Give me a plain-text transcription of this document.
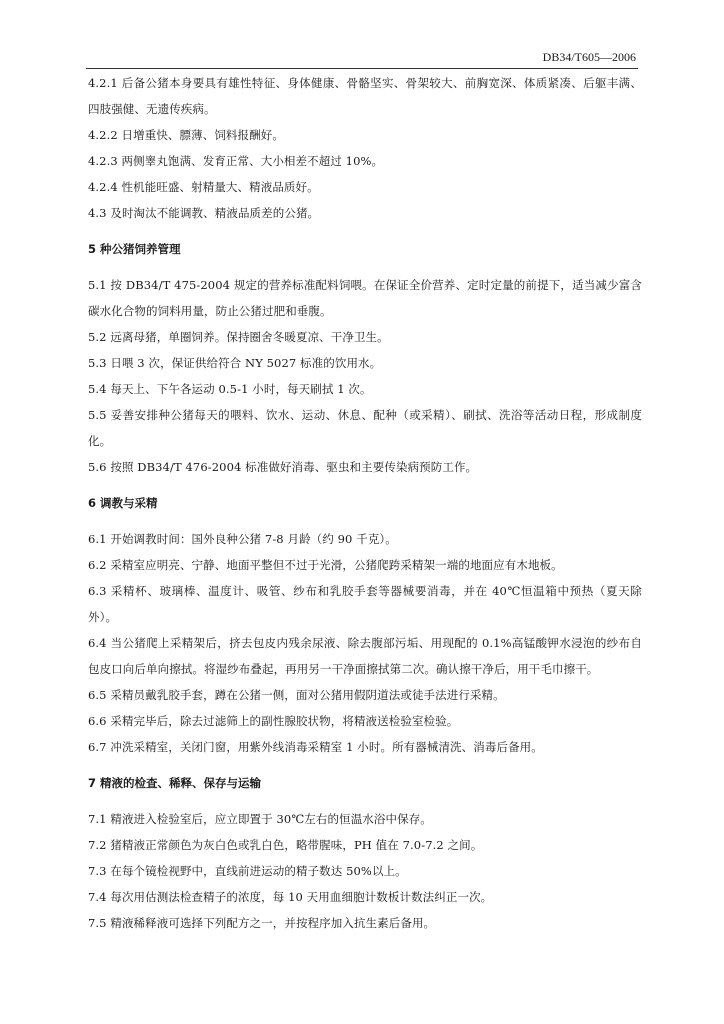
DB34/T605—2006

4.2.1 后备公猪本身要具有雄性特征、身体健康、骨骼坚实、骨架较大、前胸宽深、体质紧凑、后躯丰满、四肢强健、无遗传疾病。

4.2.2 日增重快、膘薄、饲料报酬好。

4.2.3 两侧睾丸饱满、发育正常、大小相差不超过 10%。

4.2.4 性机能旺盛、射精量大、精液品质好。

4.3 及时淘汰不能调教、精液品质差的公猪。

5 种公猪饲养管理

5.1 按 DB34/T 475-2004 规定的营养标准配料饲喂。在保证全价营养、定时定量的前提下，适当减少富含碳水化合物的饲料用量，防止公猪过肥和垂腹。

5.2 远离母猪，单圈饲养。保持圈舍冬暖夏凉、干净卫生。

5.3 日喂 3 次，保证供给符合 NY 5027 标准的饮用水。

5.4 每天上、下午各运动 0.5-1 小时，每天刷拭 1 次。

5.5 妥善安排种公猪每天的喂料、饮水、运动、休息、配种（或采精）、刷拭、洗浴等活动日程，形成制度化。

5.6 按照 DB34/T 476-2004 标准做好消毒、驱虫和主要传染病预防工作。

6 调教与采精

6.1 开始调教时间：国外良种公猪 7-8 月龄（约 90 千克）。

6.2 采精室应明亮、宁静、地面平整但不过于光滑，公猪爬跨采精架一端的地面应有木地板。

6.3 采精杯、玻璃棒、温度计、吸管、纱布和乳胶手套等器械要消毒，并在 40℃恒温箱中预热（夏天除外）。

6.4 当公猪爬上采精架后，挤去包皮内残余尿液、除去腹部污垢、用现配的 0.1%高锰酸钾水浸泡的纱布自包皮口向后单向擦拭。将湿纱布叠起，再用另一干净面擦拭第二次。确认擦干净后，用干毛巾擦干。

6.5 采精员戴乳胶手套，蹲在公猪一侧，面对公猪用假阴道法或徒手法进行采精。

6.6 采精完毕后，除去过滤筛上的副性腺胶状物，将精液送检验室检验。

6.7 冲洗采精室，关闭门窗，用紫外线消毒采精室 1 小时。所有器械清洗、消毒后备用。

7 精液的检查、稀释、保存与运输

7.1 精液进入检验室后，应立即置于 30℃左右的恒温水浴中保存。

7.2 猪精液正常颜色为灰白色或乳白色，略带腥味，PH 值在 7.0-7.2 之间。

7.3 在每个镜检视野中，直线前进运动的精子数达 50%以上。

7.4 每次用估测法检查精子的浓度，每 10 天用血细胞计数板计数法纠正一次。

7.5 精液稀释液可选择下列配方之一，并按程序加入抗生素后备用。
